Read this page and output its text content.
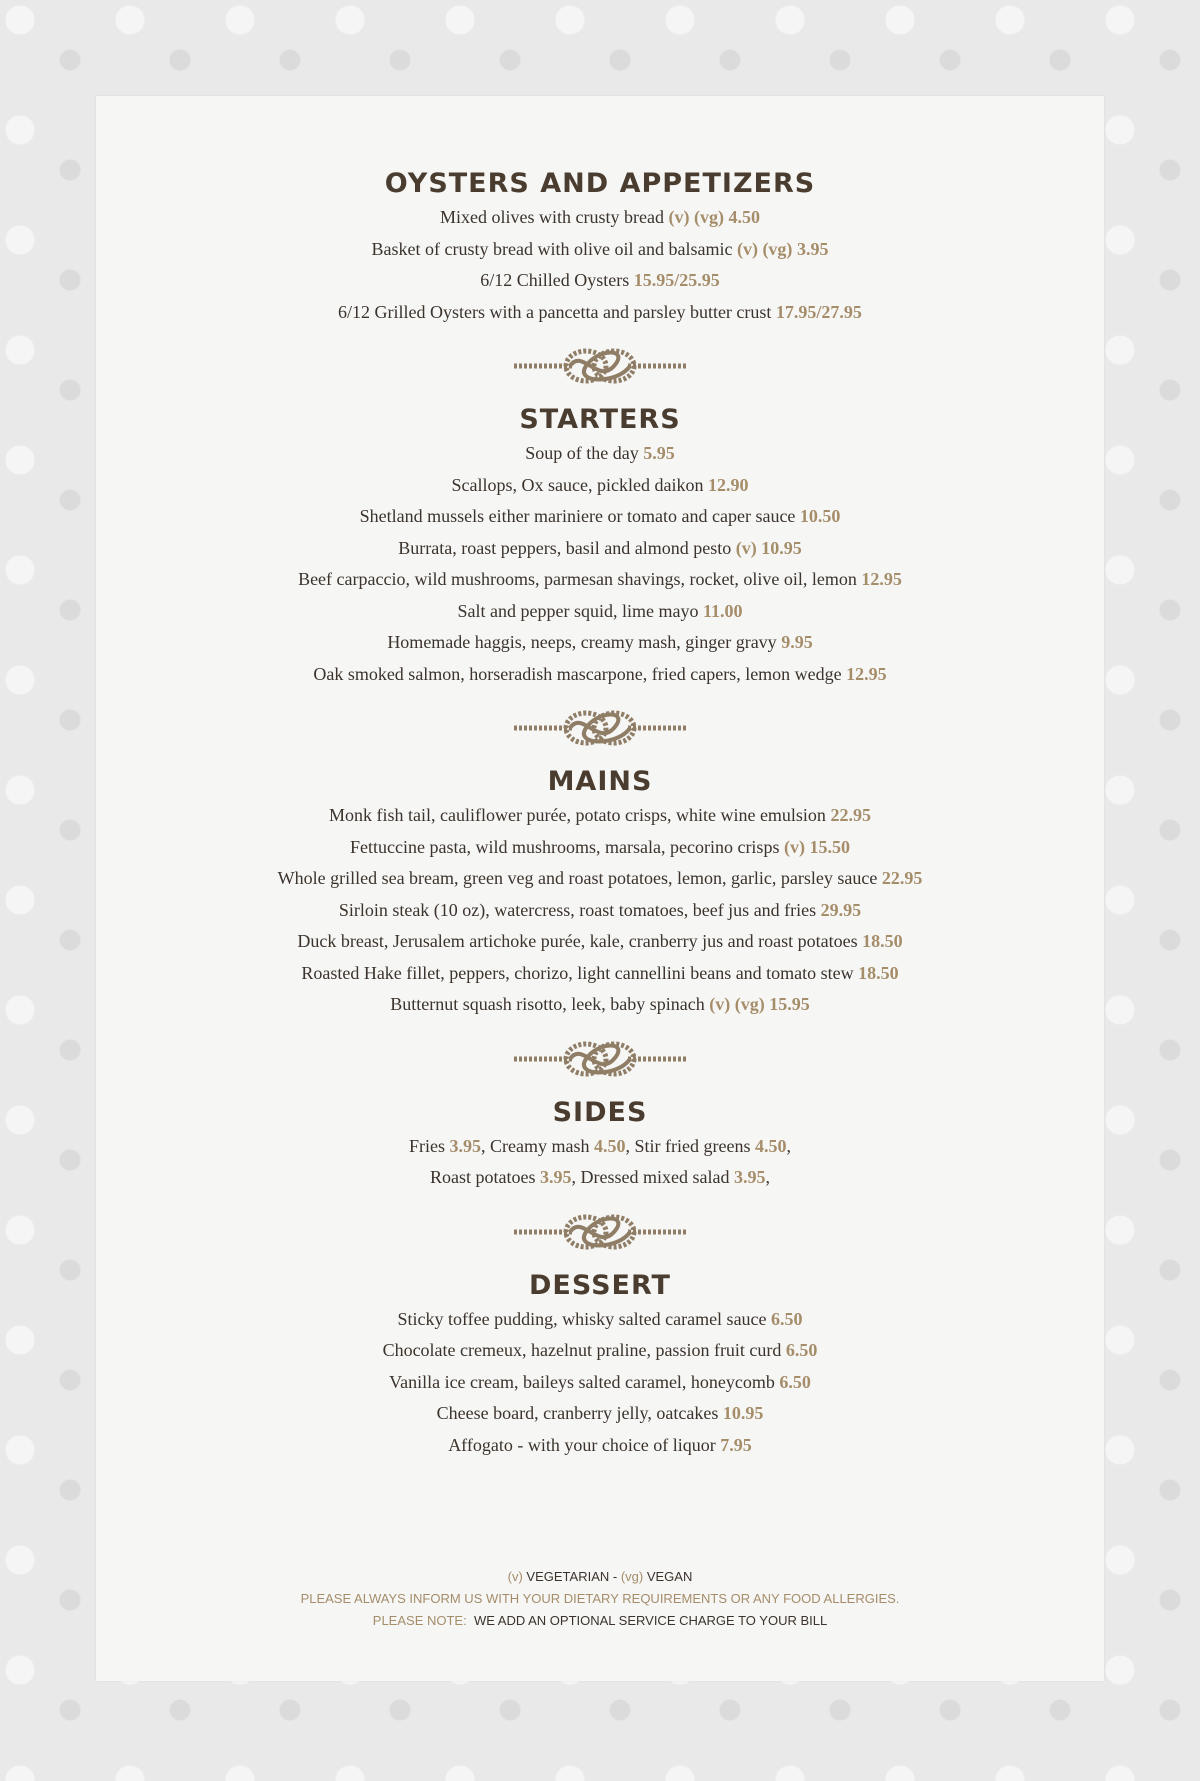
OYSTERS AND APPETIZERS
Mixed olives with crusty bread (v) (vg) 4.50
Basket of crusty bread with olive oil and balsamic (v) (vg) 3.95
6/12 Chilled Oysters 15.95/25.95
6/12 Grilled Oysters with a pancetta and parsley butter crust 17.95/27.95
STARTERS
Soup of the day 5.95
Scallops, Ox sauce, pickled daikon 12.90
Shetland mussels either mariniere or tomato and caper sauce 10.50
Burrata, roast peppers, basil and almond pesto (v) 10.95
Beef carpaccio, wild mushrooms, parmesan shavings, rocket, olive oil, lemon 12.95
Salt and pepper squid, lime mayo 11.00
Homemade haggis, neeps, creamy mash, ginger gravy 9.95
Oak smoked salmon, horseradish mascarpone, fried capers, lemon wedge 12.95
MAINS
Monk fish tail, cauliflower purée, potato crisps, white wine emulsion 22.95
Fettuccine pasta, wild mushrooms, marsala, pecorino crisps (v) 15.50
Whole grilled sea bream, green veg and roast potatoes, lemon, garlic, parsley sauce 22.95
Sirloin steak (10 oz), watercress, roast tomatoes, beef jus and fries 29.95
Duck breast, Jerusalem artichoke purée, kale, cranberry jus and roast potatoes 18.50
Roasted Hake fillet, peppers, chorizo, light cannellini beans and tomato stew 18.50
Butternut squash risotto, leek, baby spinach (v) (vg) 15.95
SIDES
Fries 3.95, Creamy mash 4.50, Stir fried greens 4.50,
Roast potatoes 3.95, Dressed mixed salad 3.95,
DESSERT
Sticky toffee pudding, whisky salted caramel sauce 6.50
Chocolate cremeux, hazelnut praline, passion fruit curd 6.50
Vanilla ice cream, baileys salted caramel, honeycomb 6.50
Cheese board, cranberry jelly, oatcakes 10.95
Affogato - with your choice of liquor 7.95
(v) VEGETARIAN - (vg) VEGAN
PLEASE ALWAYS INFORM US WITH YOUR DIETARY REQUIREMENTS OR ANY FOOD ALLERGIES.
PLEASE NOTE: WE ADD AN OPTIONAL SERVICE CHARGE TO YOUR BILL
